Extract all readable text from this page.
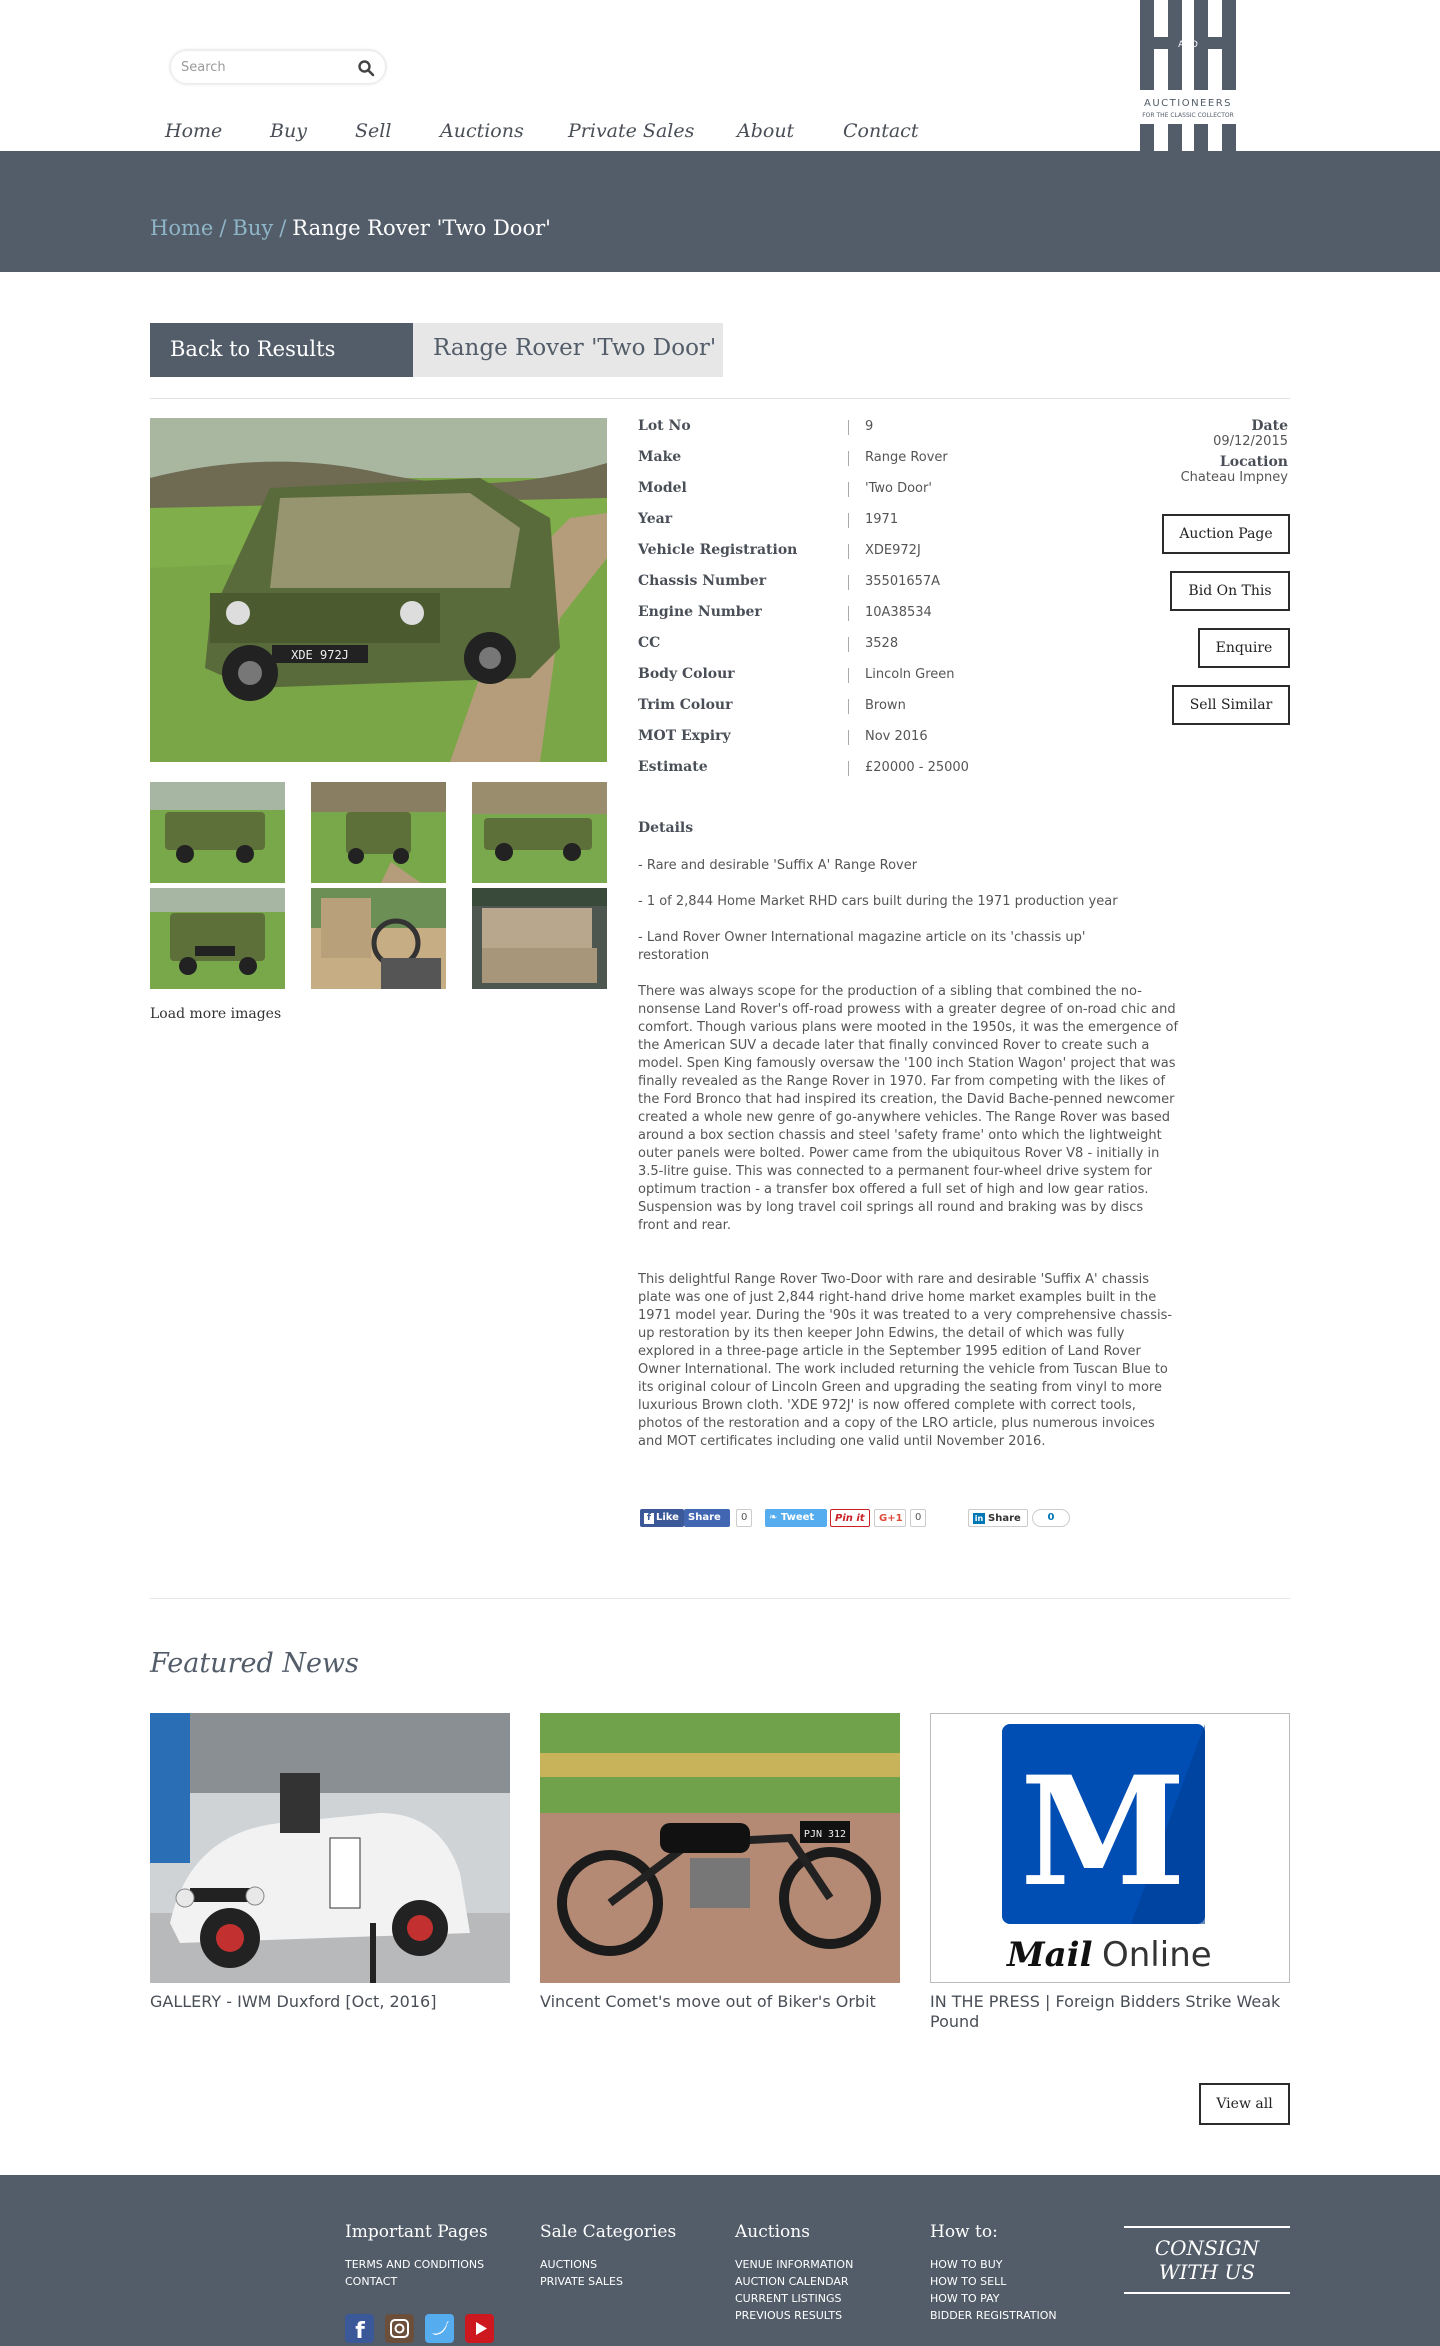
Search
Home	Buy	Sell	Auctions Private Sales About	Contact
AND
AUCTIONEERS
FOR THE CLASSIC COLLECTOR
Home / Buy / Range Rover 'Two Door'
Back to Results	Range Rover 'Two Door'
XDE 972J
Load more images
Lot No	9
Make	Range Rover
Model	'Two Door'
Year	1971
Vehicle Registration	XDE972J
Chassis Number	35501657A
Engine Number	10A38534
CC	3528
Body Colour	Lincoln Green
Trim Colour	Brown
MOT Expiry	Nov 2016
Estimate	£20000 - 25000
Date
09/12/2015
Location
Chateau Impney
Auction Page
Bid On This
Enquire
Sell Similar
Details
- Rare and desirable 'Suffix A' Range Rover
- 1 of 2,844 Home Market RHD cars built during the 1971 production year
- Land Rover Owner International magazine article on its 'chassis up' restoration
There was always scope for the production of a sibling that combined the no-nonsense Land Rover's off-road prowess with a greater degree of on-road chic and comfort. Though various plans were mooted in the 1950s, it was the emergence of the American SUV a decade later that finally convinced Rover to create such a model. Spen King famously oversaw the '100 inch Station Wagon' project that was finally revealed as the Range Rover in 1970. Far from competing with the likes of the Ford Bronco that had inspired its creation, the David Bache-penned newcomer created a whole new genre of go-anywhere vehicles. The Range Rover was based around a box section chassis and steel 'safety frame' onto which the lightweight outer panels were bolted. Power came from the ubiquitous Rover V8 - initially in 3.5-litre guise. This was connected to a permanent four-wheel drive system for optimum traction - a transfer box offered a full set of high and low gear ratios. Suspension was by long travel coil springs all round and braking was by discs front and rear.
This delightful Range Rover Two-Door with rare and desirable 'Suffix A' chassis plate was one of just 2,844 right-hand drive home market examples built in the 1971 model year. During the '90s it was treated to a very comprehensive chassis-up restoration by its then keeper John Edwins, the detail of which was fully explored in a three-page article in the September 1995 edition of Land Rover Owner International. The work included returning the vehicle from Tuscan Blue to its original colour of Lincoln Green and upgrading the seating from vinyl to more luxurious Brown cloth. 'XDE 972J' is now offered complete with correct tools, photos of the restoration and a copy of the LRO article, plus numerous invoices and MOT certificates including one valid until November 2016.
f Like Share	0	❧ Tweet	Pin it	G+1	0	in Share	0
Featured News
PJN 312 M
Mail Online
GALLERY - IWM Duxford [Oct, 2016]	Vincent Comet's move out of Biker's Orbit	IN THE PRESS | Foreign Bidders Strike Weak Pound
View all
Important Pages
TERMS AND CONDITIONS
CONTACT
Sale Categories
AUCTIONS
PRIVATE SALES
Auctions
VENUE INFORMATION
AUCTION CALENDAR
CURRENT LISTINGS
PREVIOUS RESULTS
How to:
HOW TO BUY
HOW TO SELL
HOW TO PAY
BIDDER REGISTRATION
f
CONSIGN WITH US
